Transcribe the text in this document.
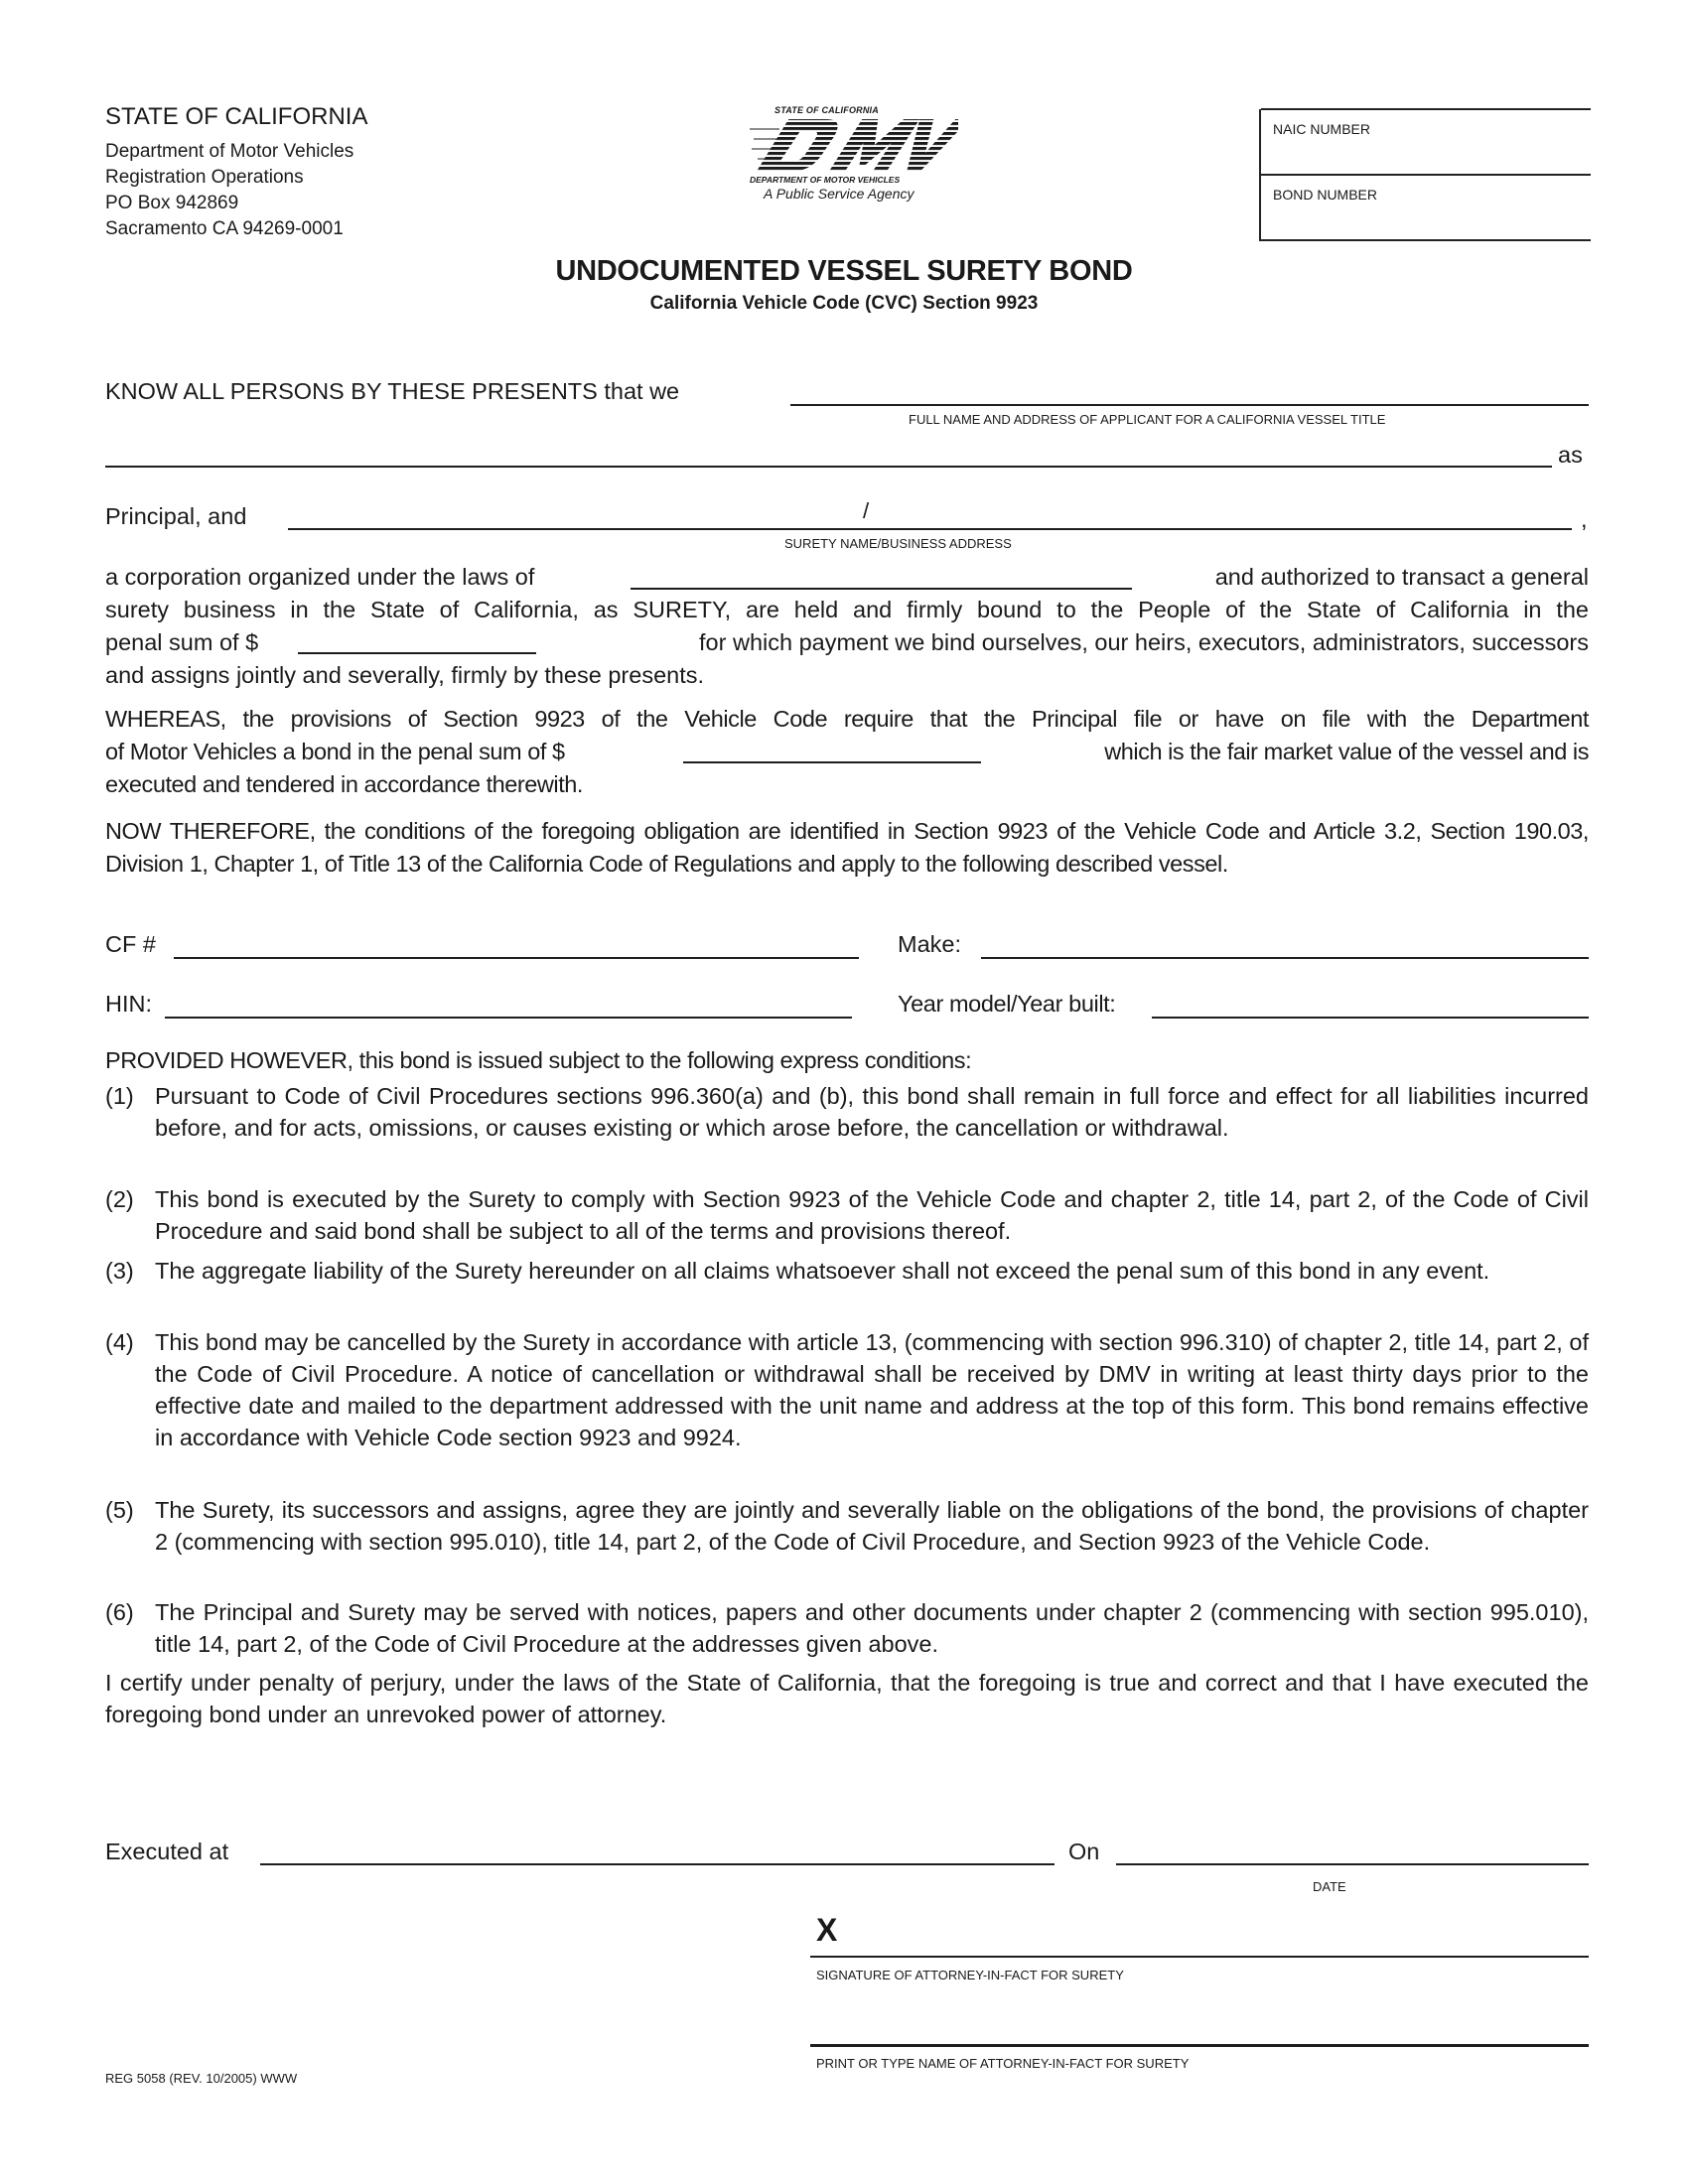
STATE OF CALIFORNIA
Department of Motor Vehicles
Registration Operations
PO Box 942869
Sacramento CA 94269-0001
STATE OF CALIFORNIA
DEPARTMENT OF MOTOR VEHICLES
A Public Service Agency
NAIC NUMBER
BOND NUMBER
UNDOCUMENTED VESSEL SURETY BOND
California Vehicle Code (CVC) Section 9923
KNOW ALL PERSONS BY THESE PRESENTS that we
FULL NAME AND ADDRESS OF APPLICANT FOR A CALIFORNIA VESSEL TITLE
as
Principal, and	/	,
SURETY NAME/BUSINESS ADDRESS
a corporation organized under the laws of	and authorized to transact a general
surety business in the State of California, as SURETY, are held and firmly bound to the People of the State of California in the
penal sum of $	for which payment we bind ourselves, our heirs, executors, administrators, successors
and assigns jointly and severally, firmly by these presents.
WHEREAS, the provisions of Section 9923 of the Vehicle Code require that the Principal file or have on file with the Department
of Motor Vehicles a bond in the penal sum of $	which is the fair market value of the vessel and is
executed and tendered in accordance therewith.
NOW THEREFORE, the conditions of the foregoing obligation are identified in Section 9923 of the Vehicle Code and Article 3.2, Section 190.03, Division 1, Chapter 1, of Title 13 of the California Code of Regulations and apply to the following described vessel.
CF #	Make:
HIN:	Year model/Year built:
PROVIDED HOWEVER, this bond is issued subject to the following express conditions:
(1) Pursuant to Code of Civil Procedures sections 996.360(a) and (b), this bond shall remain in full force and effect for all liabilities incurred before, and for acts, omissions, or causes existing or which arose before, the cancellation or withdrawal.
(2) This bond is executed by the Surety to comply with Section 9923 of the Vehicle Code and chapter 2, title 14, part 2, of the Code of Civil Procedure and said bond shall be subject to all of the terms and provisions thereof.
(3) The aggregate liability of the Surety hereunder on all claims whatsoever shall not exceed the penal sum of this bond in any event.
(4) This bond may be cancelled by the Surety in accordance with article 13, (commencing with section 996.310) of chapter 2, title 14, part 2, of the Code of Civil Procedure. A notice of cancellation or withdrawal shall be received by DMV in writing at least thirty days prior to the effective date and mailed to the department addressed with the unit name and address at the top of this form. This bond remains effective in accordance with Vehicle Code section 9923 and 9924.
(5) The Surety, its successors and assigns, agree they are jointly and severally liable on the obligations of the bond, the provisions of chapter 2 (commencing with section 995.010), title 14, part 2, of the Code of Civil Procedure, and Section 9923 of the Vehicle Code.
(6) The Principal and Surety may be served with notices, papers and other documents under chapter 2 (commencing with section 995.010), title 14, part 2, of the Code of Civil Procedure at the addresses given above.
I certify under penalty of perjury, under the laws of the State of California, that the foregoing is true and correct and that I have executed the foregoing bond under an unrevoked power of attorney.
Executed at	On
DATE
X
SIGNATURE OF ATTORNEY-IN-FACT FOR SURETY
PRINT OR TYPE NAME OF ATTORNEY-IN-FACT FOR SURETY
REG 5058 (REV. 10/2005) WWW
